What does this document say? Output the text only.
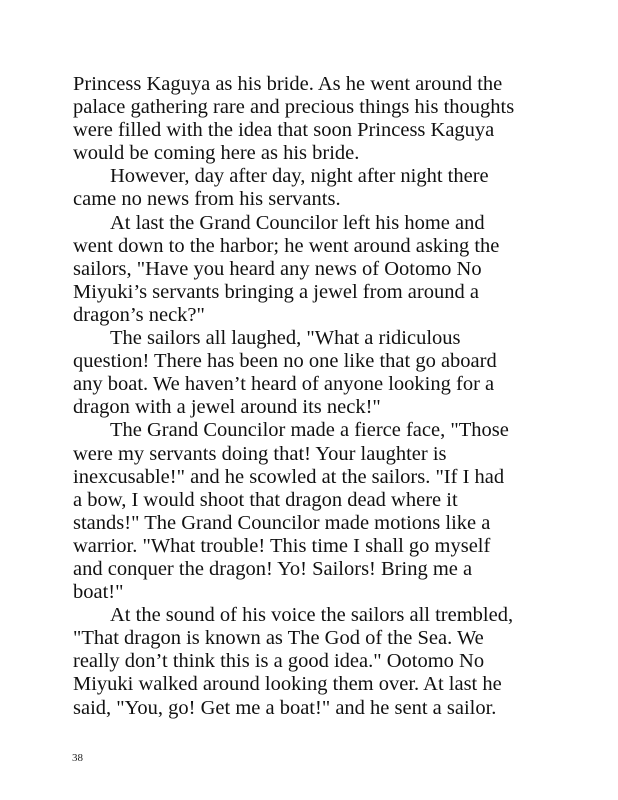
Princess Kaguya as his bride. As he went around the
palace gathering rare and precious things his thoughts
were filled with the idea that soon Princess Kaguya
would be coming here as his bride.
However, day after day, night after night there
came no news from his servants.
At last the Grand Councilor left his home and
went down to the harbor; he went around asking the
sailors, "Have you heard any news of Ootomo No
Miyuki’s servants bringing a jewel from around a
dragon’s neck?"
The sailors all laughed, "What a ridiculous
question! There has been no one like that go aboard
any boat. We haven’t heard of anyone looking for a
dragon with a jewel around its neck!"
The Grand Councilor made a fierce face, "Those
were my servants doing that! Your laughter is
inexcusable!" and he scowled at the sailors. "If I had
a bow, I would shoot that dragon dead where it
stands!" The Grand Councilor made motions like a
warrior. "What trouble! This time I shall go myself
and conquer the dragon! Yo! Sailors! Bring me a
boat!"
At the sound of his voice the sailors all trembled,
"That dragon is known as The God of the Sea. We
really don’t think this is a good idea." Ootomo No
Miyuki walked around looking them over. At last he
said, "You, go! Get me a boat!" and he sent a sailor.
38
